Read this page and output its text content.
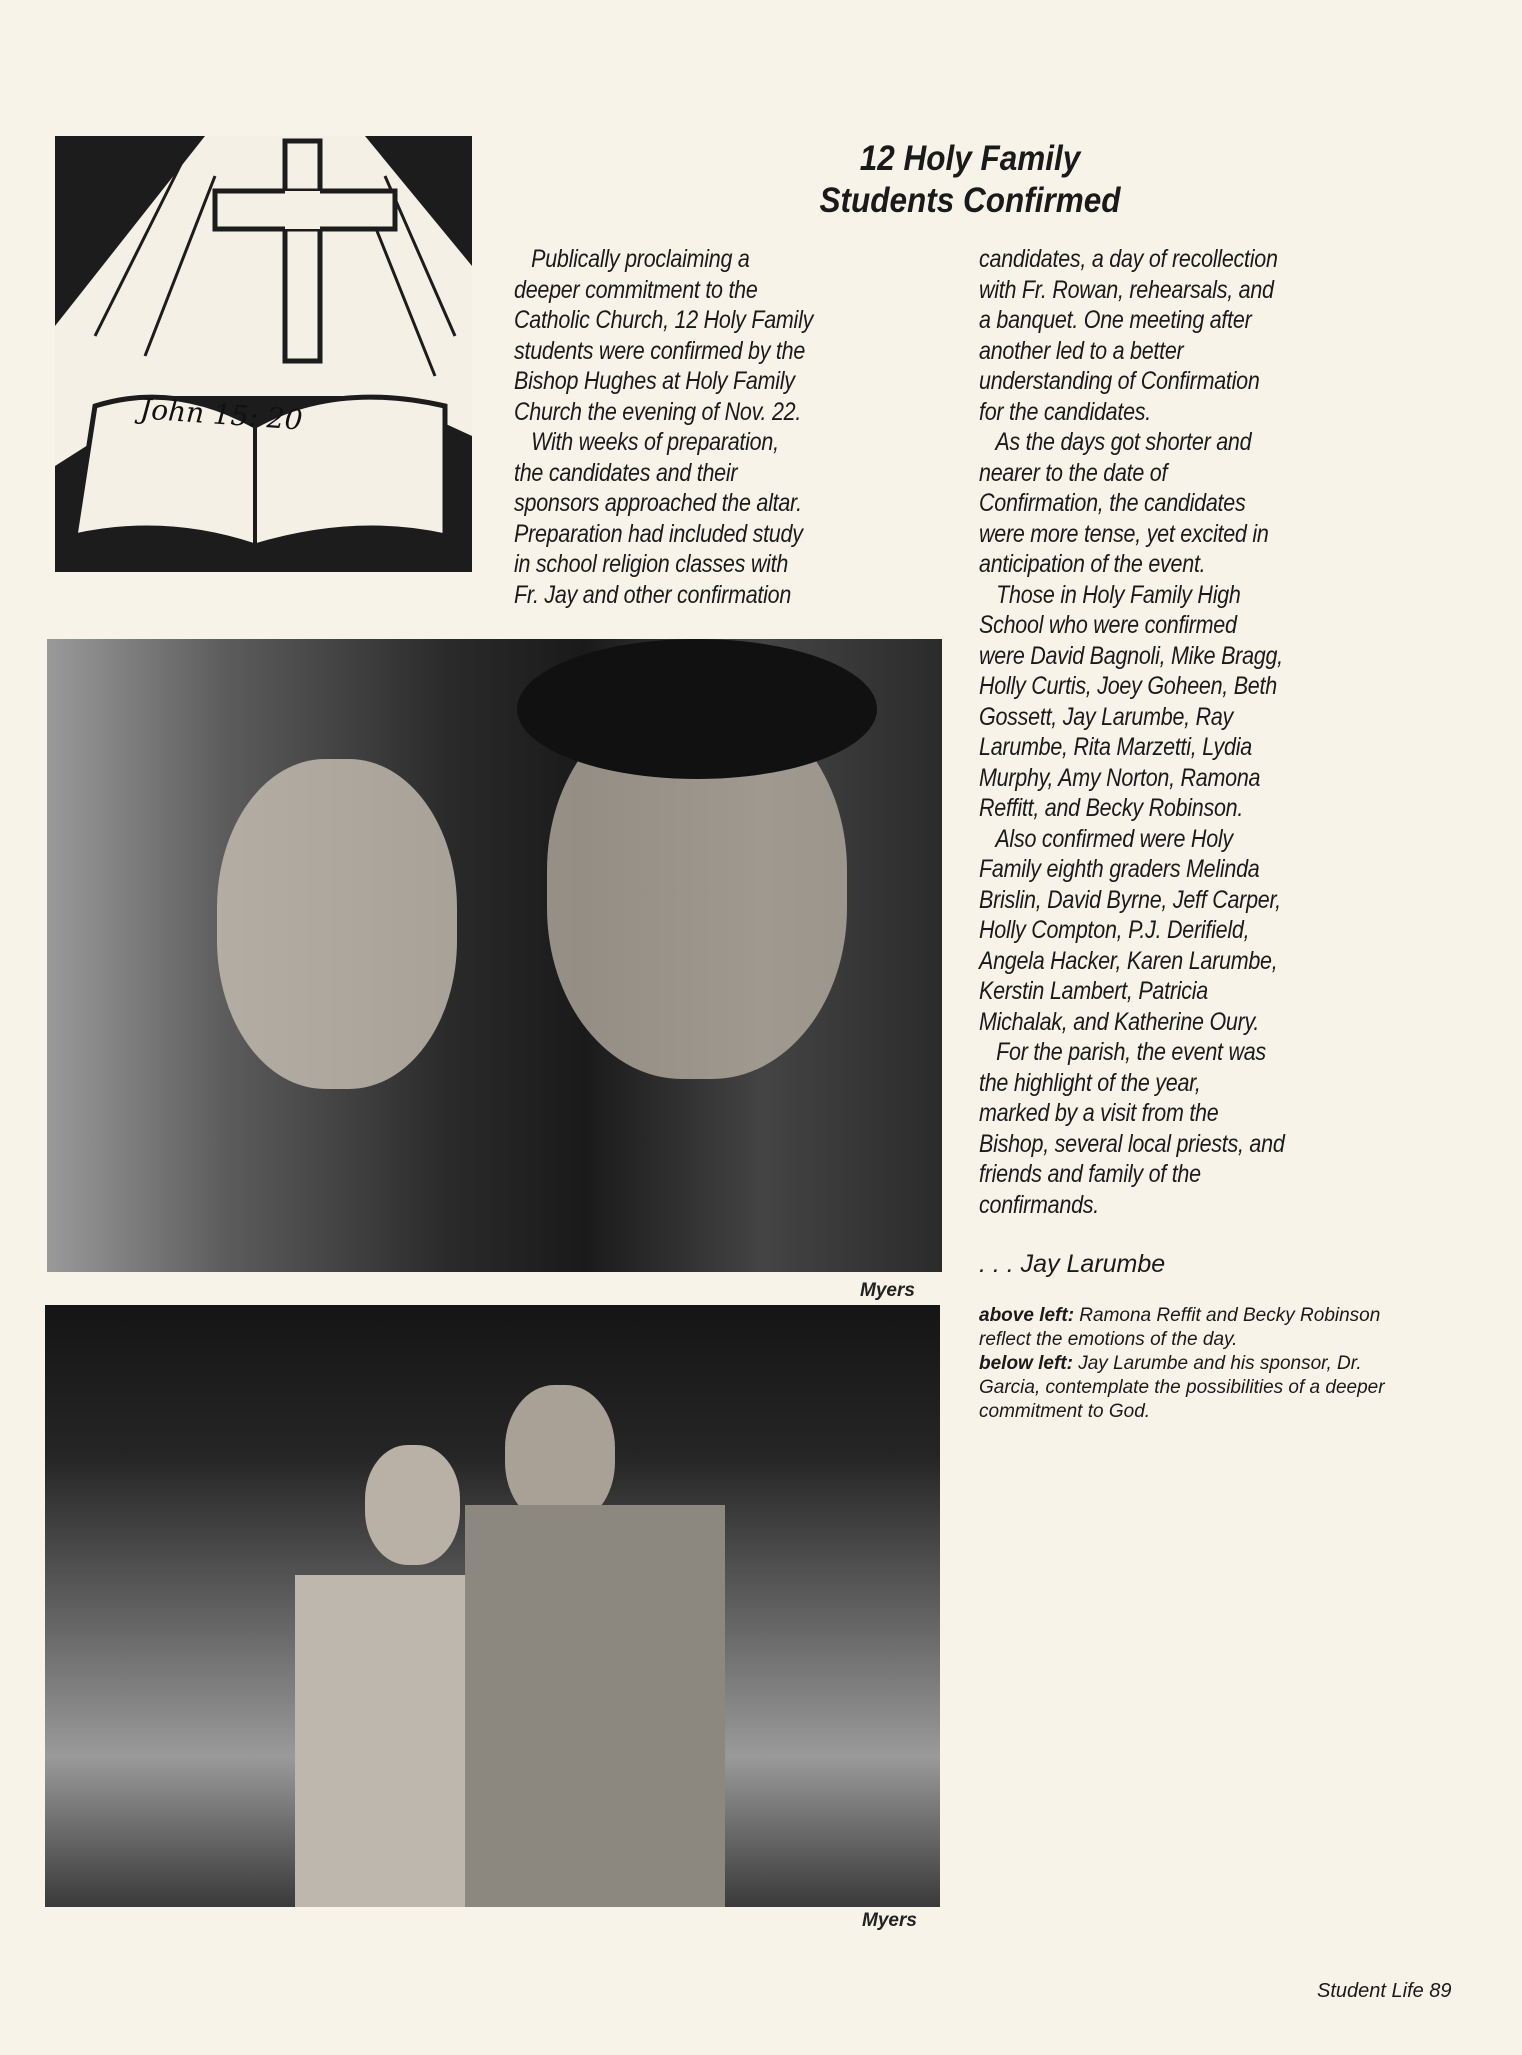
John 15: 20
12 Holy Family
Students Confirmed
Publically proclaiming a
deeper commitment to the
Catholic Church, 12 Holy Family
students were confirmed by the
Bishop Hughes at Holy Family
Church the evening of Nov. 22.
With weeks of preparation,
the candidates and their
sponsors approached the altar.
Preparation had included study
in school religion classes with
Fr. Jay and other confirmation
candidates, a day of recollection
with Fr. Rowan, rehearsals, and
a banquet. One meeting after
another led to a better
understanding of Confirmation
for the candidates.
As the days got shorter and
nearer to the date of
Confirmation, the candidates
were more tense, yet excited in
anticipation of the event.
Those in Holy Family High
School who were confirmed
were David Bagnoli, Mike Bragg,
Holly Curtis, Joey Goheen, Beth
Gossett, Jay Larumbe, Ray
Larumbe, Rita Marzetti, Lydia
Murphy, Amy Norton, Ramona
Reffitt, and Becky Robinson.
Also confirmed were Holy
Family eighth graders Melinda
Brislin, David Byrne, Jeff Carper,
Holly Compton, P.J. Derifield,
Angela Hacker, Karen Larumbe,
Kerstin Lambert, Patricia
Michalak, and Katherine Oury.
For the parish, the event was
the highlight of the year,
marked by a visit from the
Bishop, several local priests, and
friends and family of the
confirmands.
Myers
Myers
. . . Jay Larumbe
above left: Ramona Reffit and Becky Robinson reflect the emotions of the day.
below left: Jay Larumbe and his sponsor, Dr. Garcia, contemplate the possibilities of a deeper commitment to God.
Student Life 89
